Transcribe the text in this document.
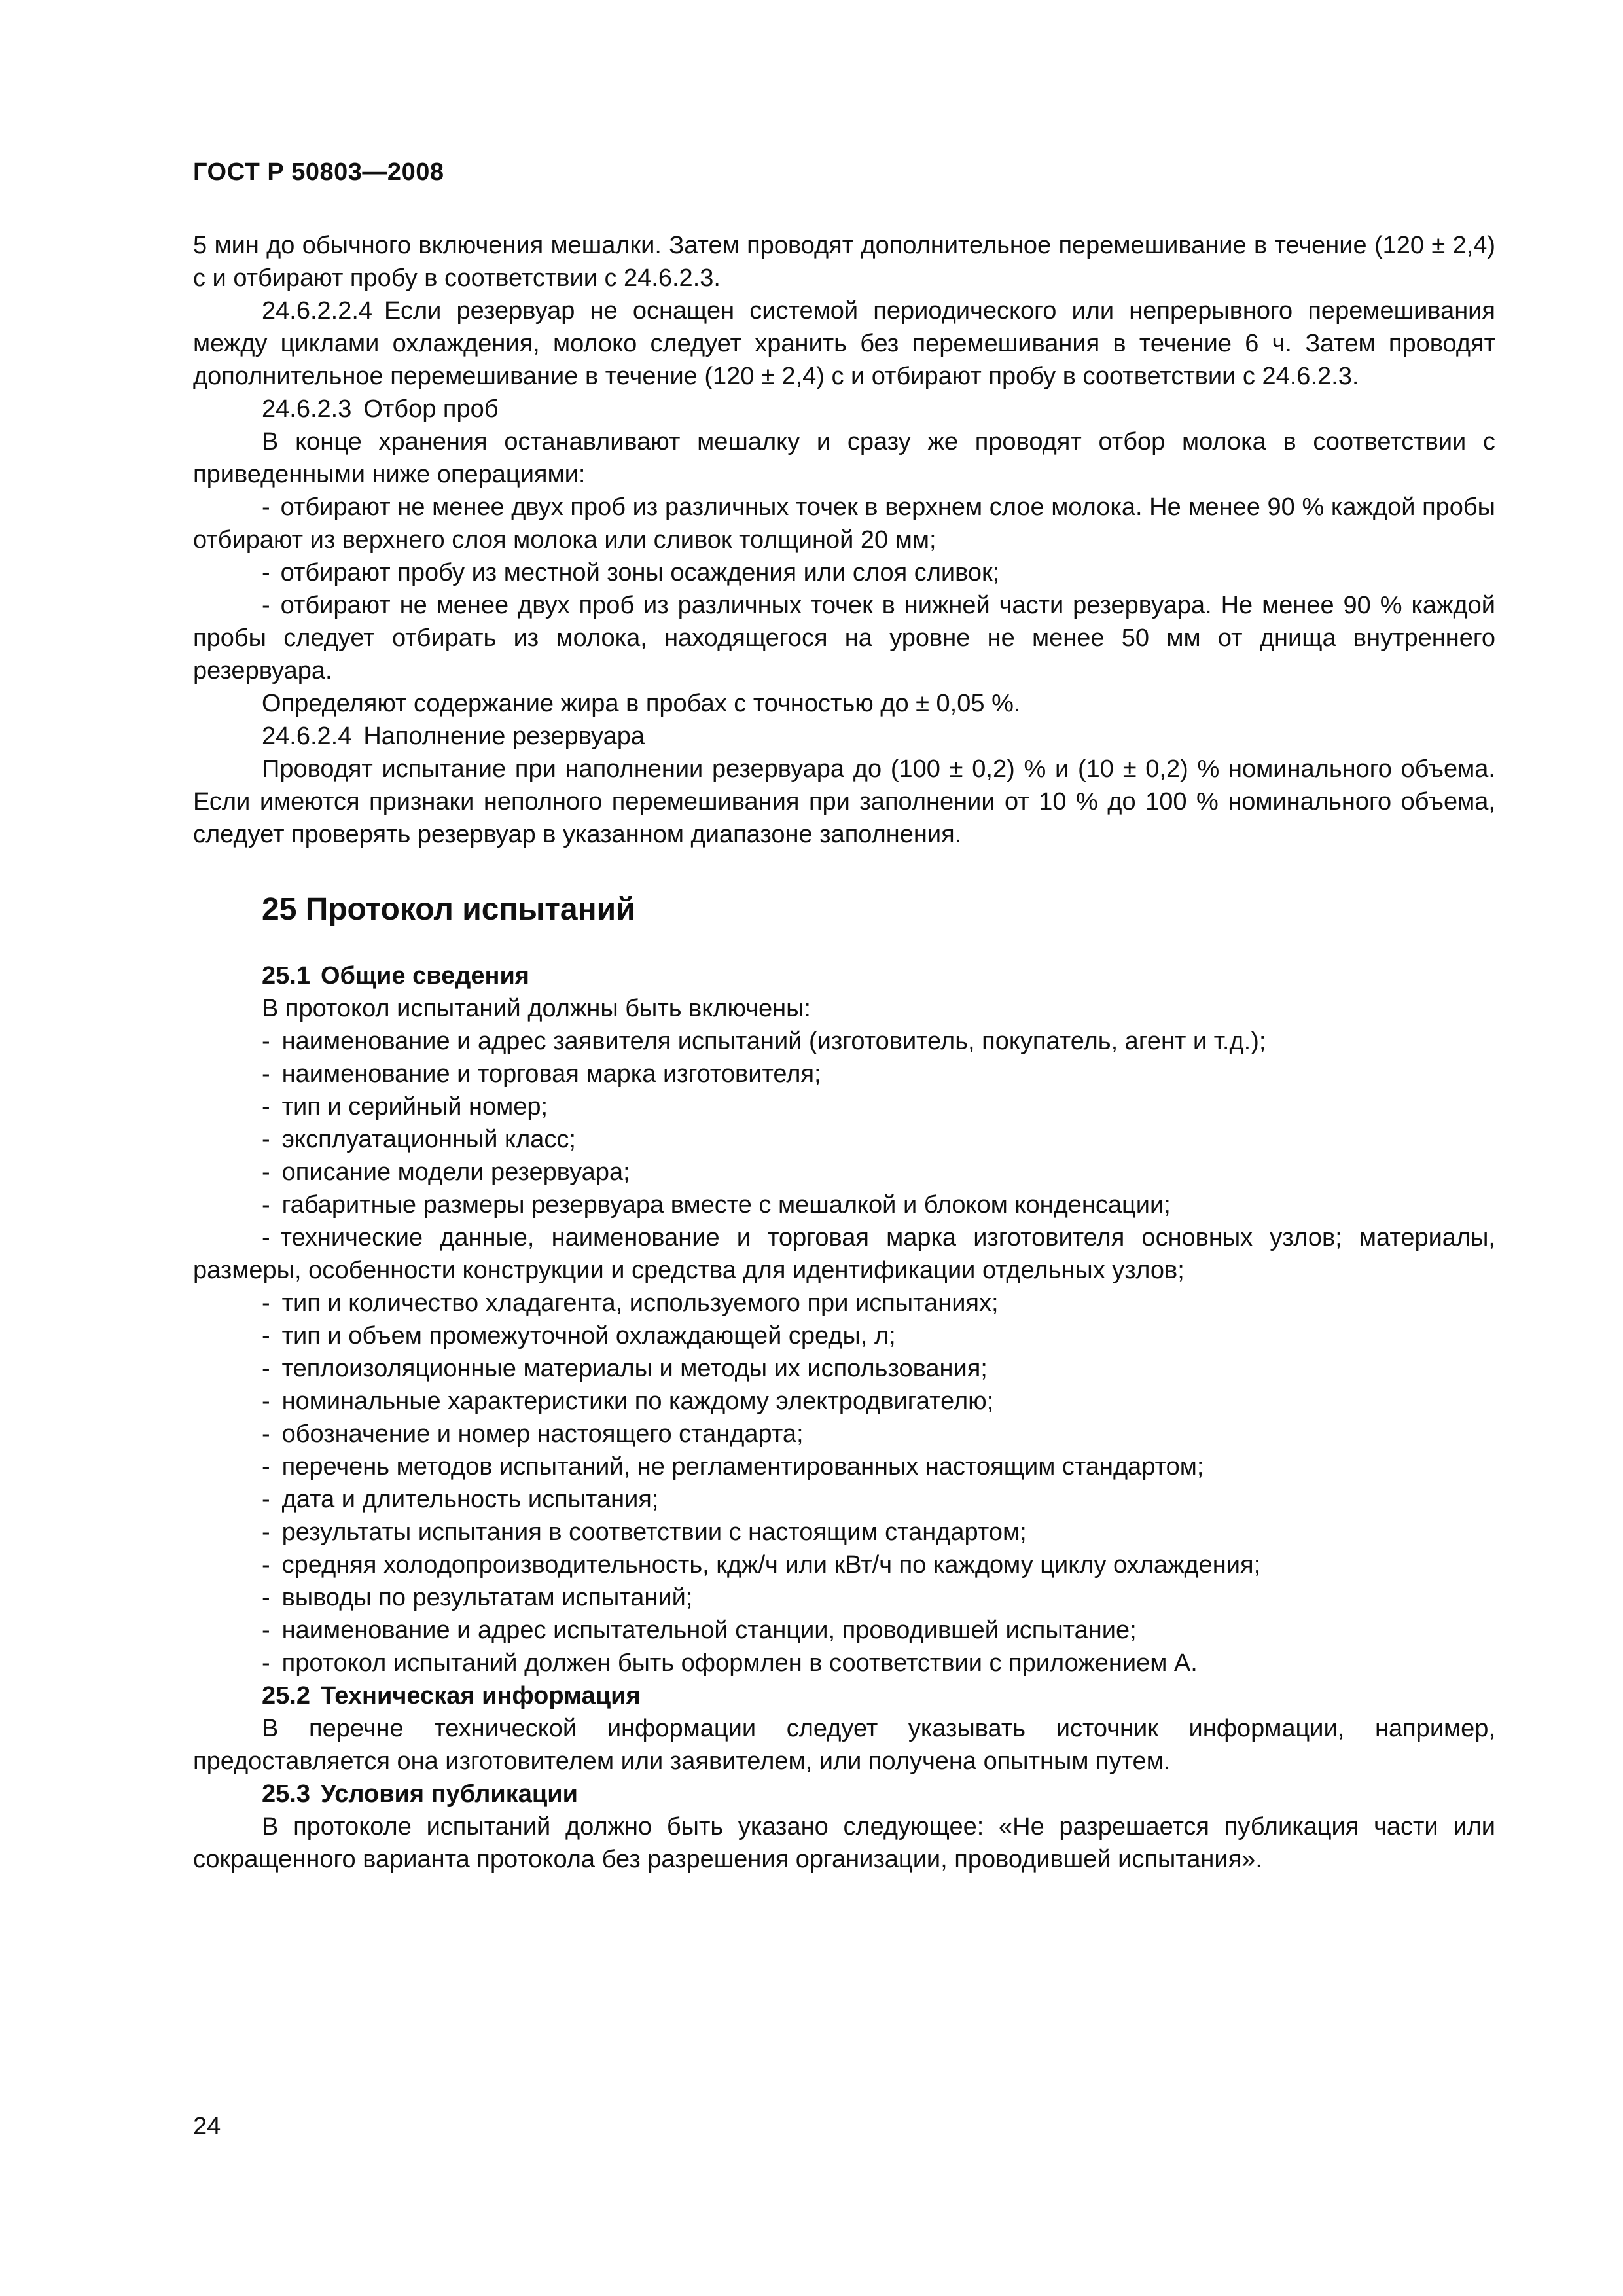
ГОСТ Р 50803—2008

5 мин до обычного включения мешалки. Затем проводят дополнительное перемешивание в течение (120 ± 2,4) с и отбирают пробу в соответствии с 24.6.2.3.

24.6.2.2.4 Если резервуар не оснащен системой периодического или непрерывного перемешивания между циклами охлаждения, молоко следует хранить без перемешивания в течение 6 ч. Затем проводят дополнительное перемешивание в течение (120 ± 2,4) с и отбирают пробу в соответствии с 24.6.2.3.

24.6.2.3 Отбор проб

В конце хранения останавливают мешалку и сразу же проводят отбор молока в соответствии с приведенными ниже операциями:

- отбирают не менее двух проб из различных точек в верхнем слое молока. Не менее 90 % каждой пробы отбирают из верхнего слоя молока или сливок толщиной 20 мм;

- отбирают пробу из местной зоны осаждения или слоя сливок;

- отбирают не менее двух проб из различных точек в нижней части резервуара. Не менее 90 % каждой пробы следует отбирать из молока, находящегося на уровне не менее 50 мм от днища внутреннего резервуара.

Определяют содержание жира в пробах с точностью до ± 0,05 %.

24.6.2.4 Наполнение резервуара

Проводят испытание при наполнении резервуара до (100 ± 0,2) % и (10 ± 0,2) % номинального объема. Если имеются признаки неполного перемешивания при заполнении от 10 % до 100 % номинального объема, следует проверять резервуар в указанном диапазоне заполнения.

25 Протокол испытаний

25.1 Общие сведения

В протокол испытаний должны быть включены:

- наименование и адрес заявителя испытаний (изготовитель, покупатель, агент и т.д.);

- наименование и торговая марка изготовителя;

- тип и серийный номер;

- эксплуатационный класс;

- описание модели резервуара;

- габаритные размеры резервуара вместе с мешалкой и блоком конденсации;

- технические данные, наименование и торговая марка изготовителя основных узлов; материалы, размеры, особенности конструкции и средства для идентификации отдельных узлов;

- тип и количество хладагента, используемого при испытаниях;

- тип и объем промежуточной охлаждающей среды, л;

- теплоизоляционные материалы и методы их использования;

- номинальные характеристики по каждому электродвигателю;

- обозначение и номер настоящего стандарта;

- перечень методов испытаний, не регламентированных настоящим стандартом;

- дата и длительность испытания;

- результаты испытания в соответствии с настоящим стандартом;

- средняя холодопроизводительность, кдж/ч или кВт/ч по каждому циклу охлаждения;

- выводы по результатам испытаний;

- наименование и адрес испытательной станции, проводившей испытание;

- протокол испытаний должен быть оформлен в соответствии с приложением А.

25.2 Техническая информация

В перечне технической информации следует указывать источник информации, например, предоставляется она изготовителем или заявителем, или получена опытным путем.

25.3 Условия публикации

В протоколе испытаний должно быть указано следующее: «Не разрешается публикация части или сокращенного варианта протокола без разрешения организации, проводившей испытания».

24
